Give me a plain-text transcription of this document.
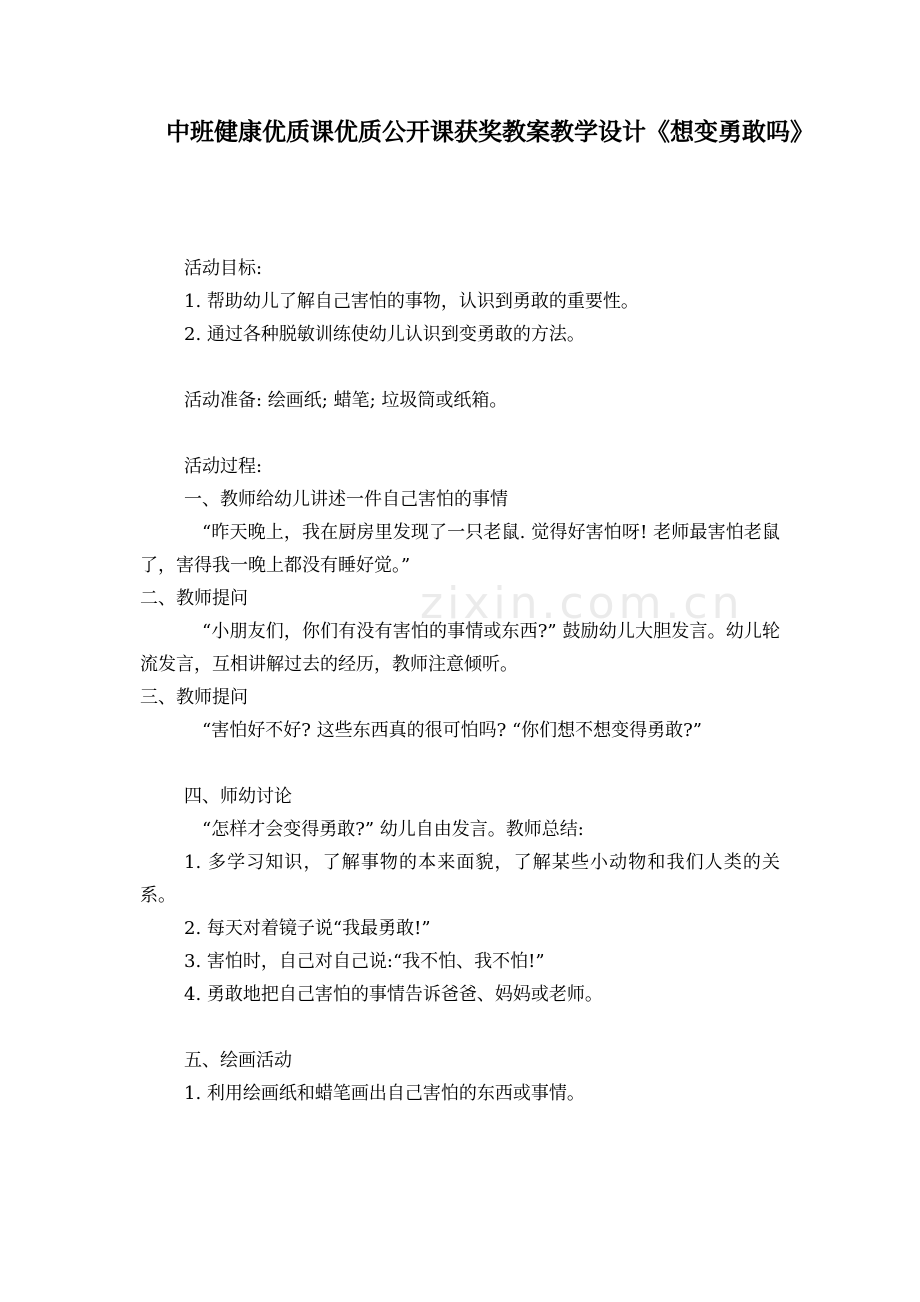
zixin.com.cn
中班健康优质课优质公开课获奖教案教学设计《想变勇敢吗》

活动目标:

1. 帮助幼儿了解自己害怕的事物，认识到勇敢的重要性。

2. 通过各种脱敏训练使幼儿认识到变勇敢的方法。

活动准备: 绘画纸; 蜡笔; 垃圾筒或纸箱。

活动过程:

一、教师给幼儿讲述一件自己害怕的事情

“昨天晚上，我在厨房里发现了一只老鼠. 觉得好害怕呀! 老师最害怕老鼠了，害得我一晚上都没有睡好觉。”

二、教师提问

“小朋友们，你们有没有害怕的事情或东西?” 鼓励幼儿大胆发言。幼儿轮流发言，互相讲解过去的经历，教师注意倾听。

三、教师提问

“害怕好不好? 这些东西真的很可怕吗? “你们想不想变得勇敢?”

四、师幼讨论

“怎样才会变得勇敢?” 幼儿自由发言。教师总结:

1. 多学习知识，了解事物的本来面貌，了解某些小动物和我们人类的关系。

2. 每天对着镜子说“我最勇敢!”

3. 害怕时，自己对自己说:“我不怕、我不怕!”

4. 勇敢地把自己害怕的事情告诉爸爸、妈妈或老师。

五、绘画活动

1. 利用绘画纸和蜡笔画出自己害怕的东西或事情。
